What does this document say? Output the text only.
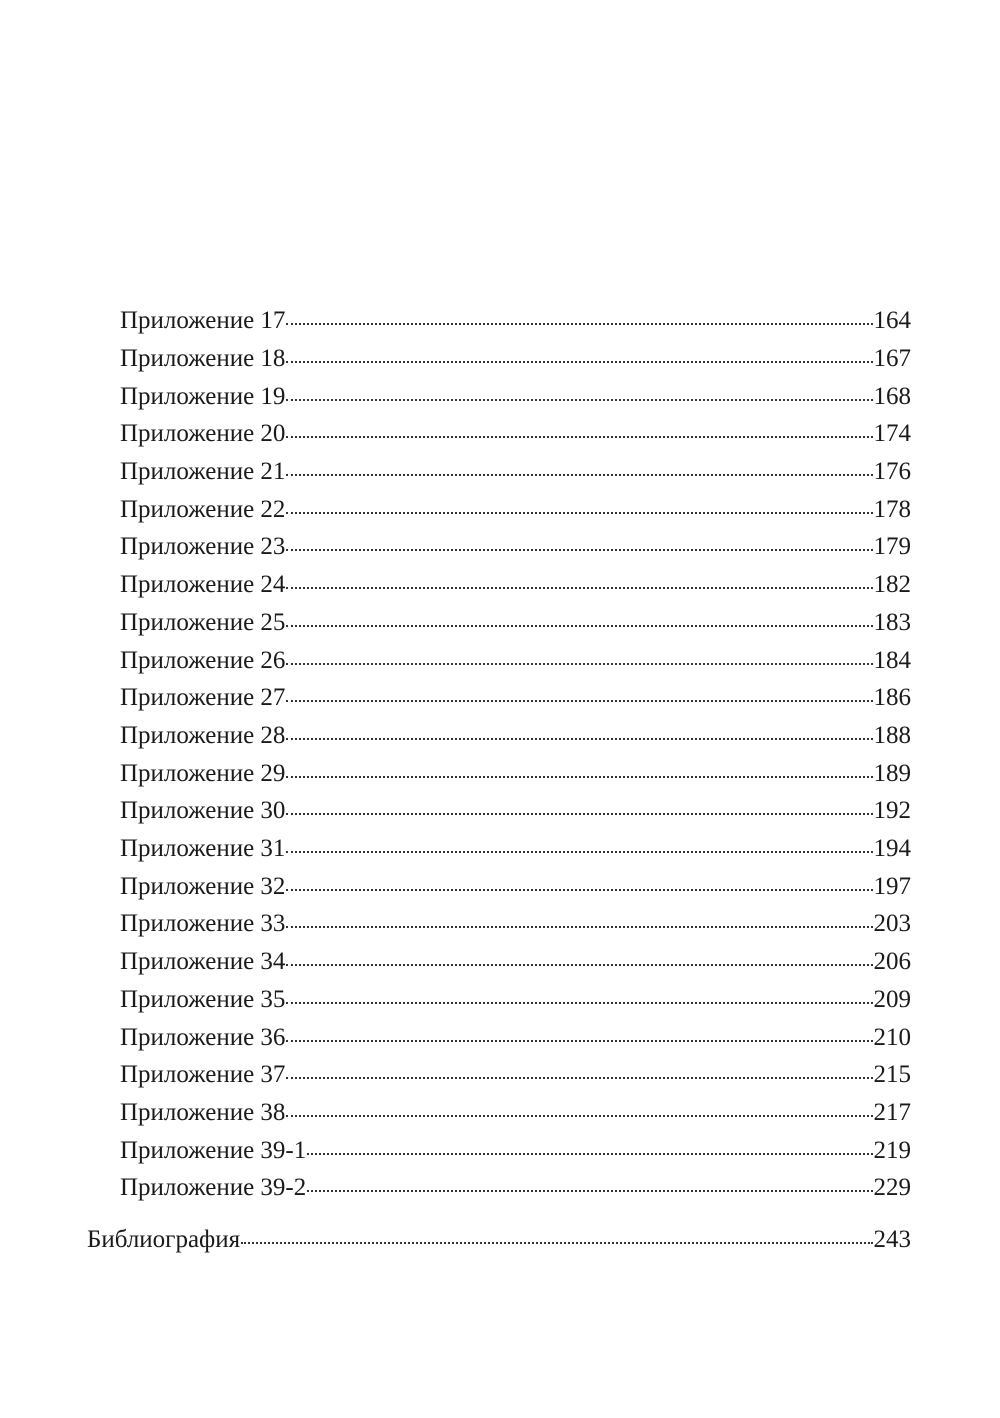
Приложение 17	164
Приложение 18	167
Приложение 19	168
Приложение 20	174
Приложение 21	176
Приложение 22	178
Приложение 23	179
Приложение 24	182
Приложение 25	183
Приложение 26	184
Приложение 27	186
Приложение 28	188
Приложение 29	189
Приложение 30	192
Приложение 31	194
Приложение 32	197
Приложение 33	203
Приложение 34	206
Приложение 35	209
Приложение 36	210
Приложение 37	215
Приложение 38	217
Приложение 39-1	219
Приложение 39-2	229
Библиография	243
